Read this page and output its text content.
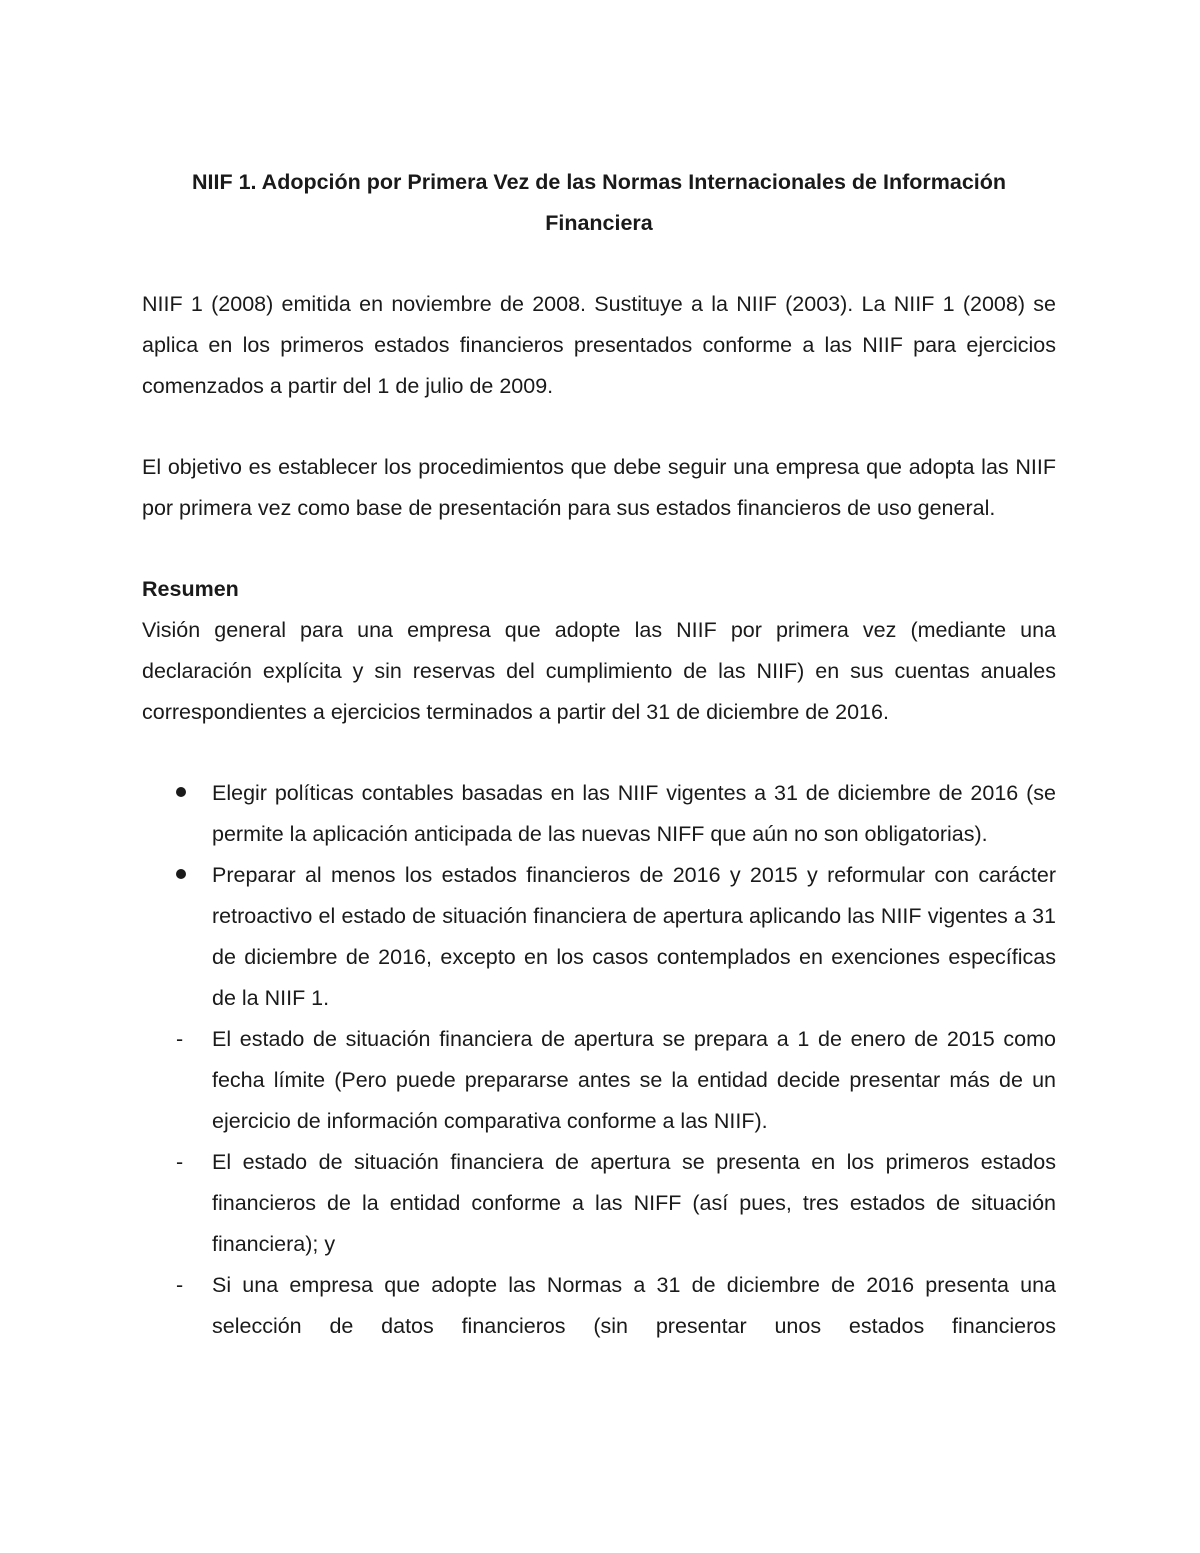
NIIF 1. Adopción por Primera Vez de las Normas Internacionales de Información
Financiera

NIIF 1 (2008) emitida en noviembre de 2008. Sustituye a la NIIF (2003). La NIIF 1 (2008) se aplica en los primeros estados financieros presentados conforme a las NIIF para ejercicios comenzados a partir del 1 de julio de 2009.

El objetivo es establecer los procedimientos que debe seguir una empresa que adopta las NIIF por primera vez como base de presentación para sus estados financieros de uso general.

Resumen

Visión general para una empresa que adopte las NIIF por primera vez (mediante una declaración explícita y sin reservas del cumplimiento de las NIIF) en sus cuentas anuales correspondientes a ejercicios terminados a partir del 31 de diciembre de 2016.

Elegir políticas contables basadas en las NIIF vigentes a 31 de diciembre de 2016 (se permite la aplicación anticipada de las nuevas NIFF que aún no son obligatorias).
Preparar al menos los estados financieros de 2016 y 2015 y reformular con carácter retroactivo el estado de situación financiera de apertura aplicando las NIIF vigentes a 31 de diciembre de 2016, excepto en los casos contemplados en exenciones específicas de la NIIF 1.
-	El estado de situación financiera de apertura se prepara a 1 de enero de 2015 como fecha límite (Pero puede prepararse antes se la entidad decide presentar más de un ejercicio de información comparativa conforme a las NIIF).
-	El estado de situación financiera de apertura se presenta en los primeros estados financieros de la entidad conforme a las NIFF (así pues, tres estados de situación financiera); y
-	Si una empresa que adopte las Normas a 31 de diciembre de 2016 presenta una selección de datos financieros (sin presentar unos estados financieros
